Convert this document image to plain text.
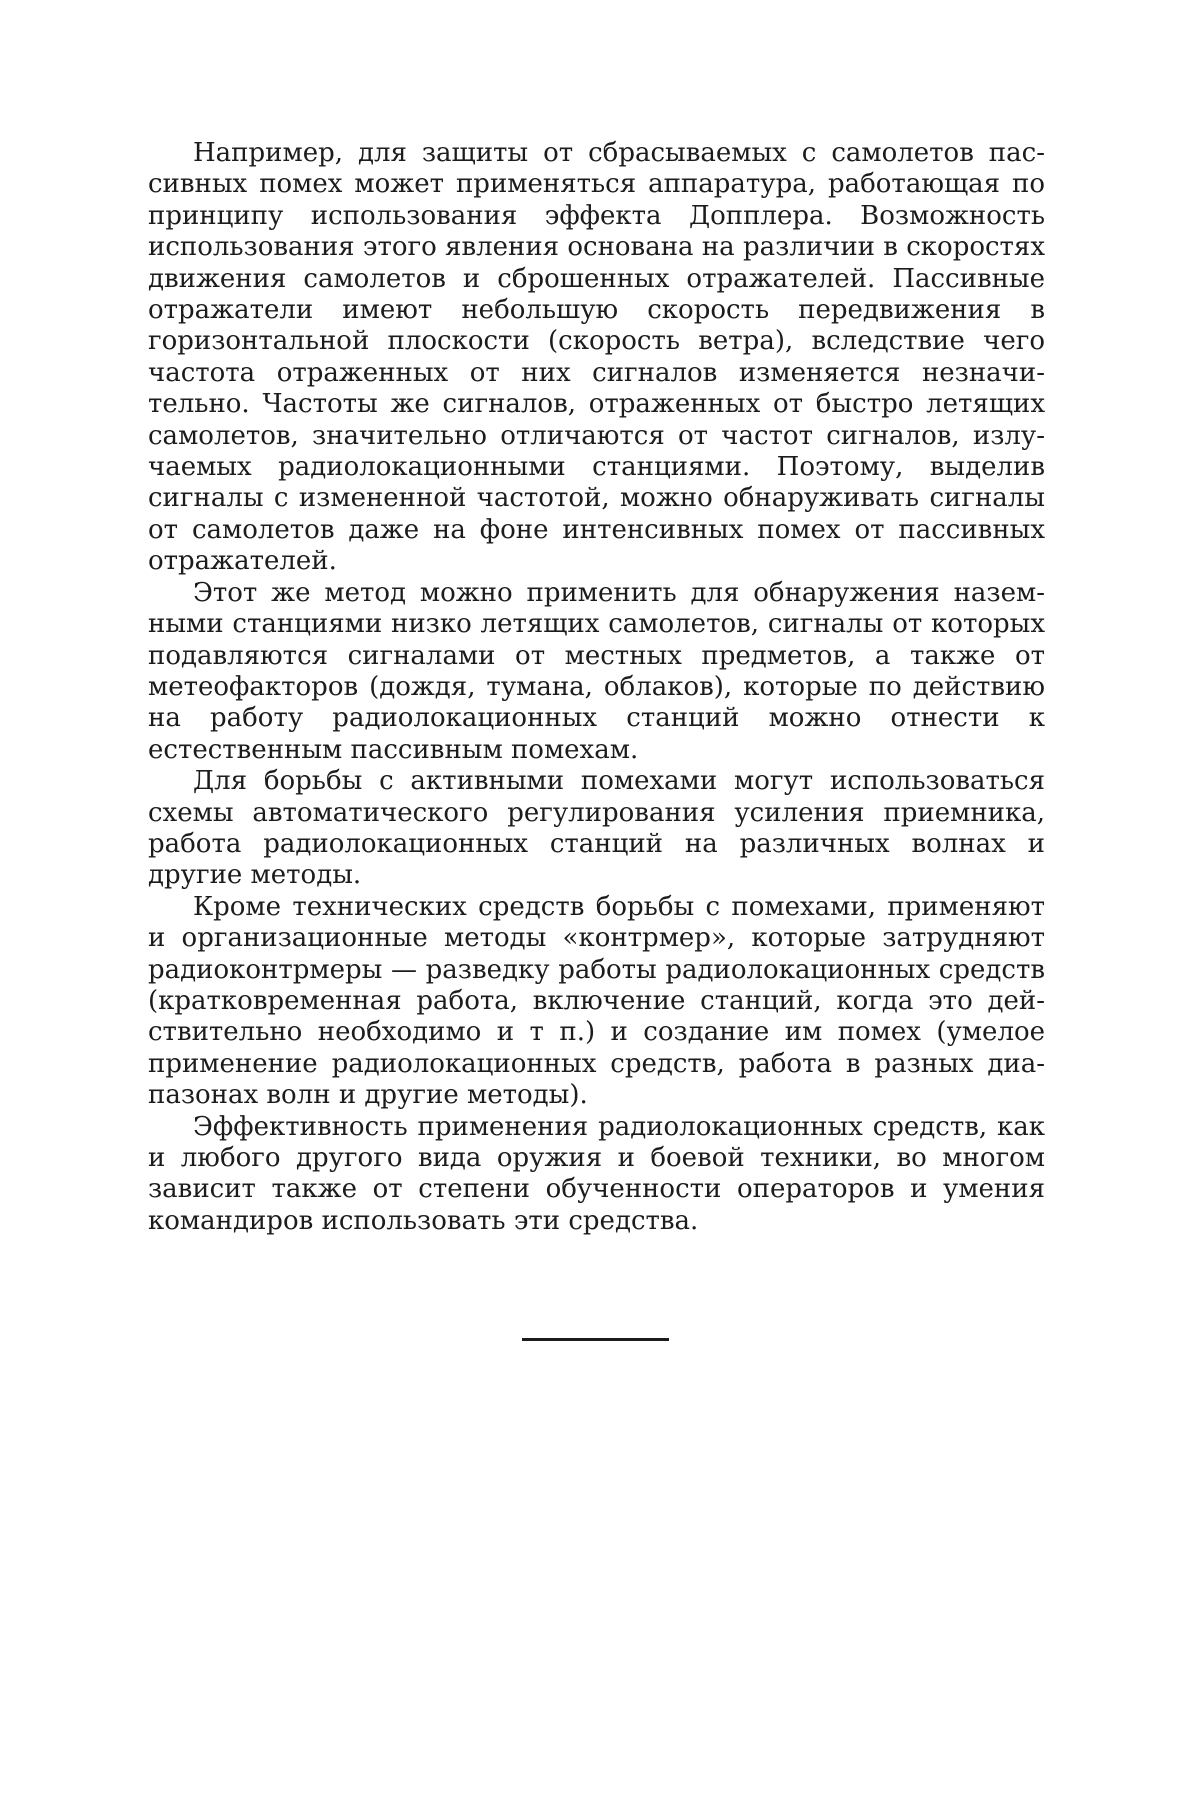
Например, для защиты от сбрасываемых с самолетов пассивных помех может применяться аппаратура, работающая по принципу использования эффекта Допплера. Возможность использования этого явления основана на различии в скоростях движения самолетов и сброшенных отражателей. Пассивные отражатели имеют небольшую скорость передвижения в горизонтальной плоскости (скорость ветра), вследствие чего частота отраженных от них сигналов изменяется незначительно. Частоты же сигналов, отраженных от быстро летящих самолетов, значительно отличаются от частот сигналов, излучаемых радиолокационными станциями. Поэтому, выделив сигналы с измененной частотой, можно обнаруживать сигналы от самолетов даже на фоне интенсивных помех от пассивных отражателей.

Этот же метод можно применить для обнаружения наземными станциями низко летящих самолетов, сигналы от которых подавляются сигналами от местных предметов, а также от метеофакторов (дождя, тумана, облаков), которые по действию на работу радиолокационных станций можно отнести к естественным пассивным помехам.

Для борьбы с активными помехами могут использоваться схемы автоматического регулирования усиления приемника, работа радиолокационных станций на различных волнах и другие методы.

Кроме технических средств борьбы с помехами, применяют и организационные методы «контрмер», которые затрудняют радиоконтрмеры — разведку работы радиолокационных средств (кратковременная работа, включение станций, когда это действительно необходимо и т п.) и создание им помех (умелое применение радиолокационных средств, работа в разных диапазонах волн и другие методы).

Эффективность применения радиолокационных средств, как и любого другого вида оружия и боевой техники, во многом зависит также от степени обученности операторов и умения командиров использовать эти средства.
